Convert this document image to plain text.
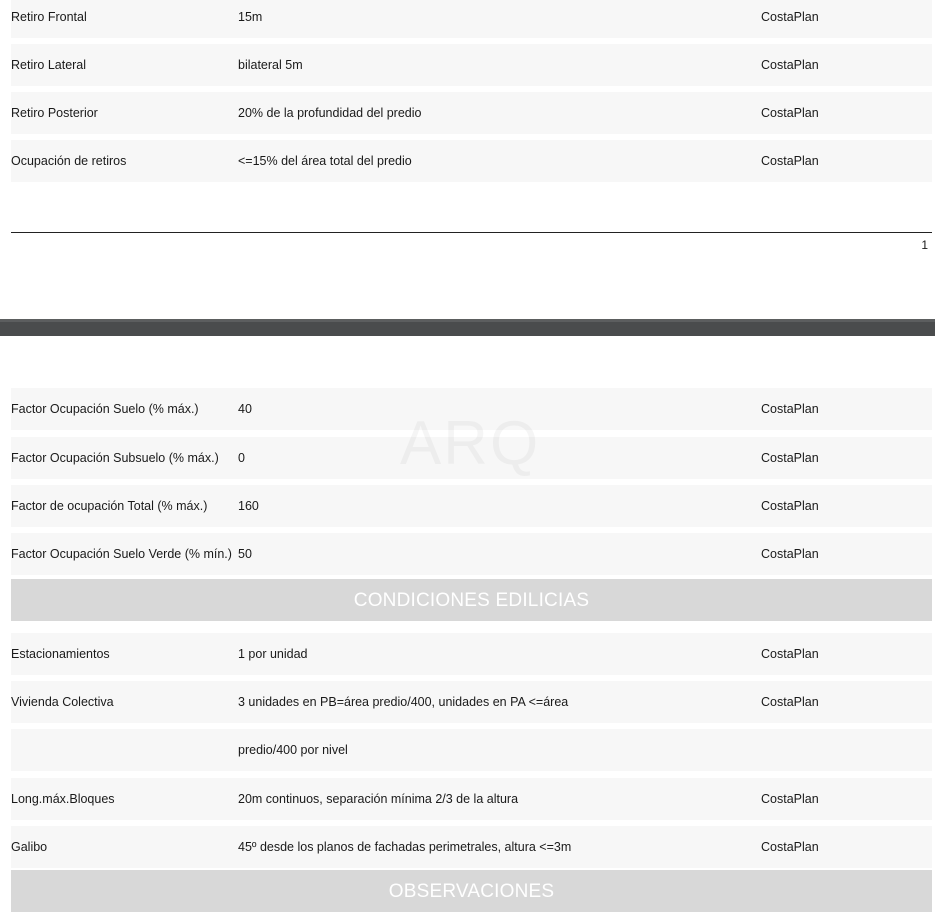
Retiro Frontal	15m	CostaPlan
Retiro Lateral	bilateral 5m	CostaPlan
Retiro Posterior	20% de la profundidad del predio	CostaPlan
Ocupación de retiros	<=15% del área total del predio	CostaPlan
1
Factor Ocupación Suelo (% máx.)	40	CostaPlan
Factor Ocupación Subsuelo (% máx.) 0	CostaPlan
Factor de ocupación Total (% máx.) 160	CostaPlan
Factor Ocupación Suelo Verde (% mín.) 50	CostaPlan
CONDICIONES EDILICIAS
Estacionamientos	1 por unidad	CostaPlan
Vivienda Colectiva	3 unidades en PB=área predio/400, unidades en PA <=área	CostaPlan
predio/400 por nivel
Long.máx.Bloques	20m continuos, separación mínima 2/3 de la altura	CostaPlan
Galibo	45º desde los planos de fachadas perimetrales, altura <=3m	CostaPlan
OBSERVACIONES
